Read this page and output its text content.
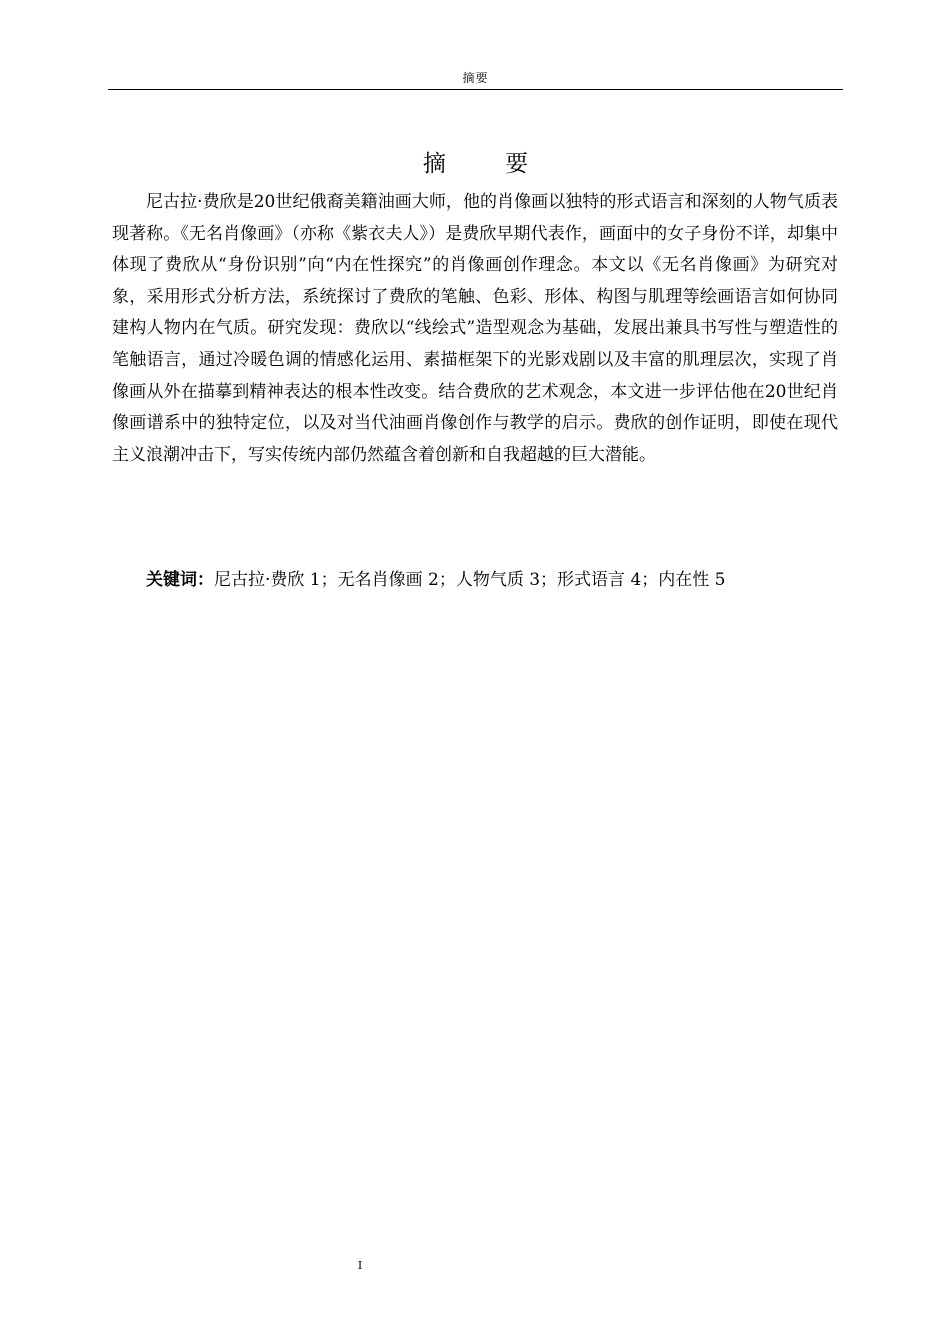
摘要
摘 要

尼古拉·费欣是20世纪俄裔美籍油画大师，他的肖像画以独特的形式语言和深刻的人物气质表现著称。《无名肖像画》（亦称《紫衣夫人》）是费欣早期代表作，画面中的女子身份不详，却集中体现了费欣从“身份识别”向“内在性探究”的肖像画创作理念。本文以《无名肖像画》为研究对象，采用形式分析方法，系统探讨了费欣的笔触、色彩、形体、构图与肌理等绘画语言如何协同建构人物内在气质。研究发现：费欣以“线绘式”造型观念为基础，发展出兼具书写性与塑造性的笔触语言，通过冷暖色调的情感化运用、素描框架下的光影戏剧以及丰富的肌理层次，实现了肖像画从外在描摹到精神表达的根本性改变。结合费欣的艺术观念，本文进一步评估他在20世纪肖像画谱系中的独特定位，以及对当代油画肖像创作与教学的启示。费欣的创作证明，即使在现代主义浪潮冲击下，写实传统内部仍然蕴含着创新和自我超越的巨大潜能。

关键词：尼古拉·费欣 1；无名肖像画 2；人物气质 3；形式语言 4；内在性 5
I
